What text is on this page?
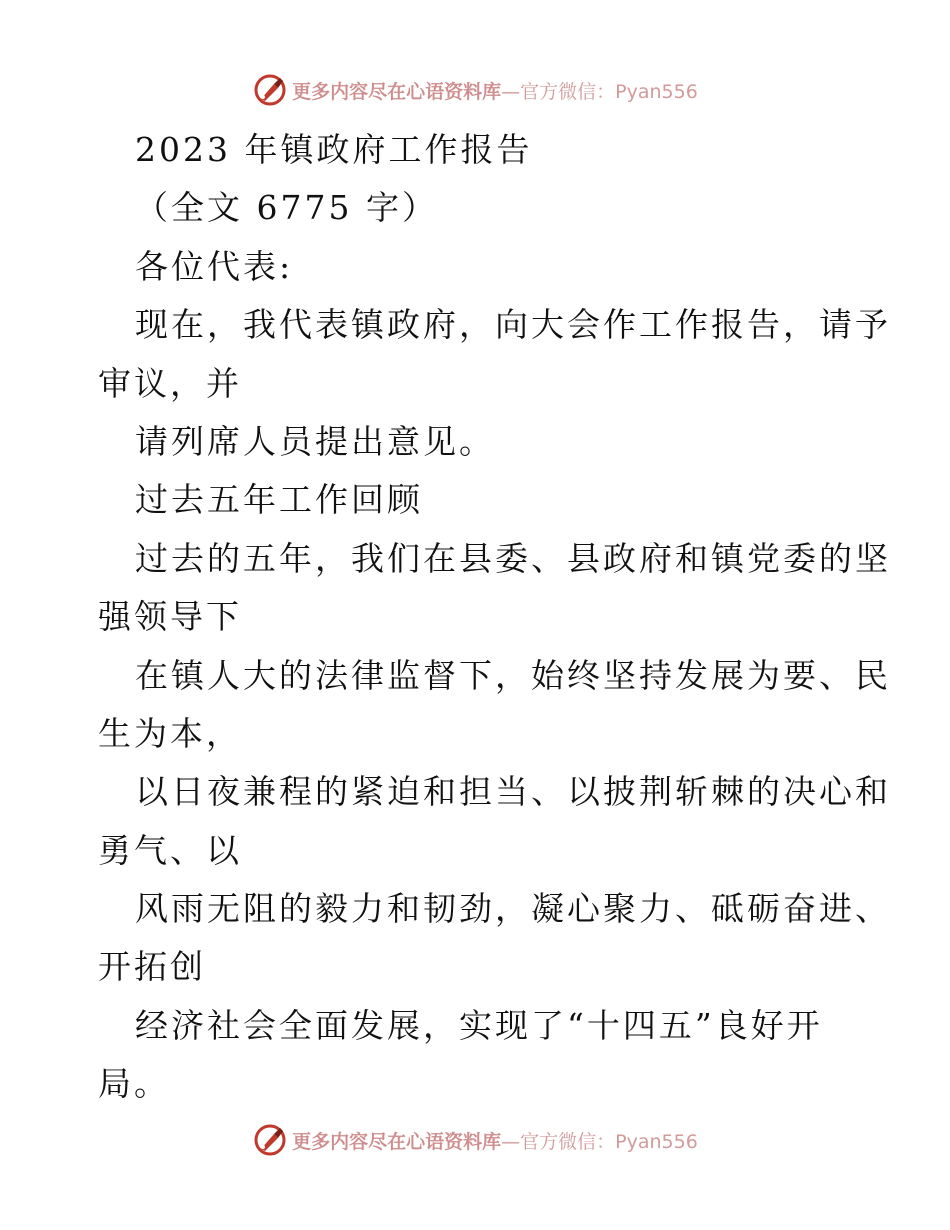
更多内容尽在心语资料库—官方微信：Pyan556
2023 年镇政府工作报告
（全文 6775 字）
各位代表:
现在，我代表镇政府，向大会作工作报告，请予
审议，并
请列席人员提出意见。
过去五年工作回顾
过去的五年，我们在县委、县政府和镇党委的坚
强领导下
在镇人大的法律监督下，始终坚持发展为要、民
生为本，
以日夜兼程的紧迫和担当、以披荆斩棘的决心和
勇气、以
风雨无阻的毅力和韧劲，凝心聚力、砥砺奋进、
开拓创
经济社会全面发展，实现了“十四五”良好开
局。
更多内容尽在心语资料库—官方微信：Pyan556
